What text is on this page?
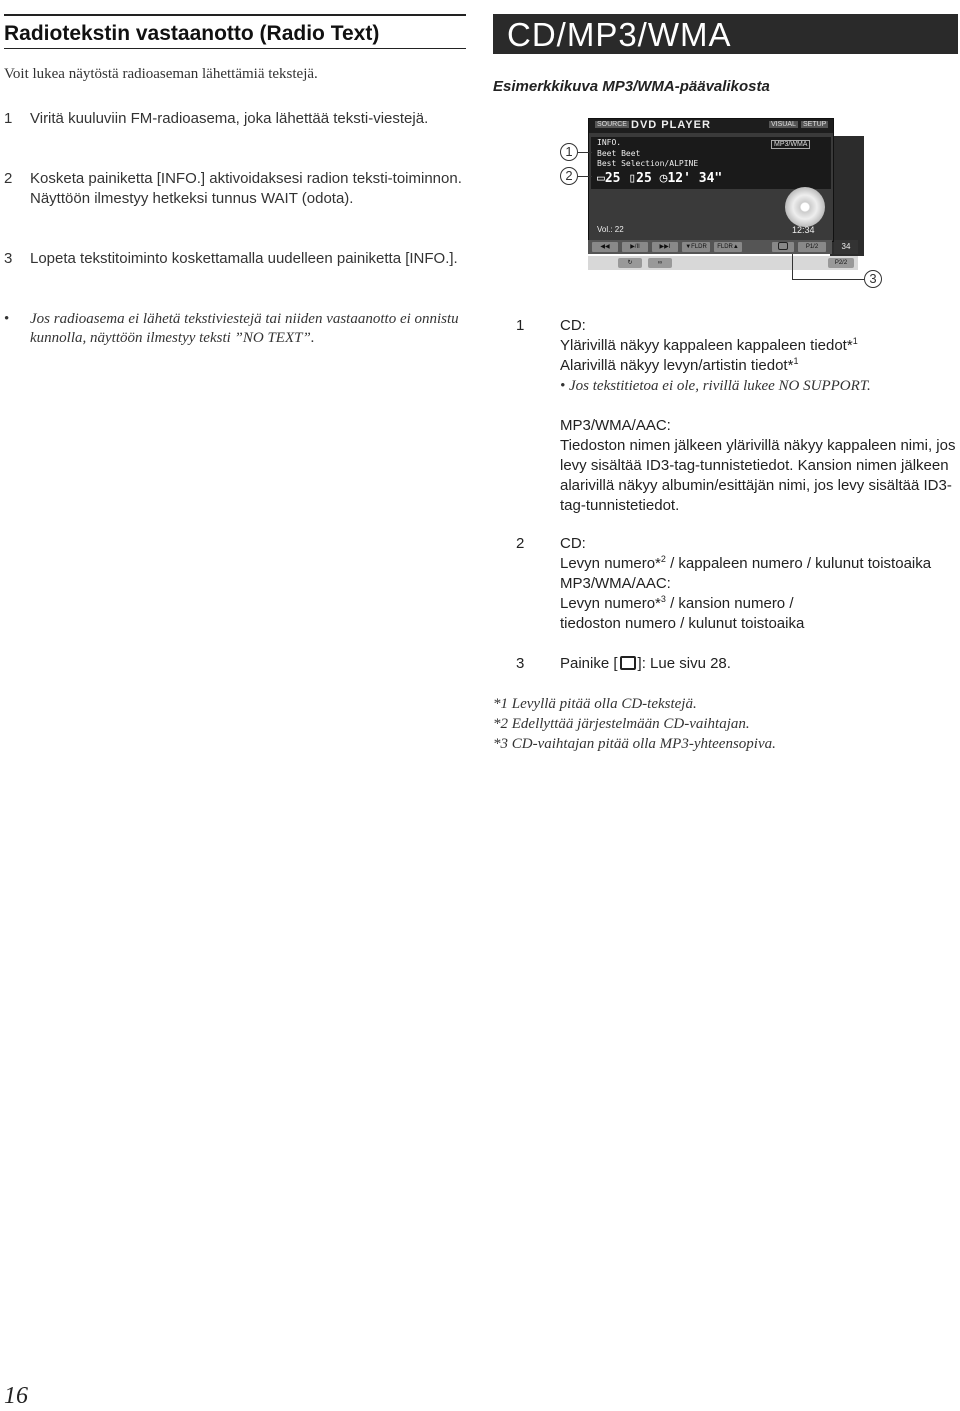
Radiotekstin vastaanotto (Radio Text)
Voit lukea näytöstä radioaseman lähettämiä tekstejä.
1 Viritä kuuluviin FM-radioasema, joka lähettää teksti-viestejä.
2 Kosketa painiketta [INFO.] aktivoidaksesi radion teksti-toiminnon.
Näyttöön ilmestyy hetkeksi tunnus WAIT (odota).
3 Lopeta tekstitoiminto koskettamalla uudelleen painiketta [INFO.].
• Jos radioasema ei lähetä tekstiviestejä tai niiden vastaanotto ei onnistu kunnolla, näyttöön ilmestyy teksti ”NO TEXT”.
CD/MP3/WMA
Esimerkkikuva MP3/WMA-päävalikosta
SOURCE DVD PLAYER	VISUAL SETUP
INFO.	MP3/WMA
Beet Beet
Best Selection/ALPINE
▭25 ▯25 ◷12' 34"
Vol.: 22	12:34
◀◀	▶/II	▶▶I	▼FLDR	FLDR▲	P1/2	34
↻	∞	P2/2
1
2
3
1 CD:
Ylärivillä näkyy kappaleen kappaleen tiedot*$^1$
Alarivillä näkyy levyn/artistin tiedot*$^1$
• Jos tekstitietoa ei ole, rivillä lukee NO SUPPORT.
MP3/WMA/AAC:
Tiedoston nimen jälkeen ylärivillä näkyy kappaleen nimi, jos levy sisältää ID3-tag-tunnistetiedot. Kansion nimen jälkeen alarivillä näkyy albumin/esittäjän nimi, jos levy sisältää ID3-tag-tunnistetiedot.
2 CD:
Levyn numero*$^2$ / kappaleen numero / kulunut toistoaika
MP3/WMA/AAC:
Levyn numero*$^3$ / kansion numero /
tiedoston numero / kulunut toistoaika
3 Painike [ ]: Lue sivu 28.
*1 Levyllä pitää olla CD-tekstejä.
*2 Edellyttää järjestelmään CD-vaihtajan.
*3 CD-vaihtajan pitää olla MP3-yhteensopiva.
16
